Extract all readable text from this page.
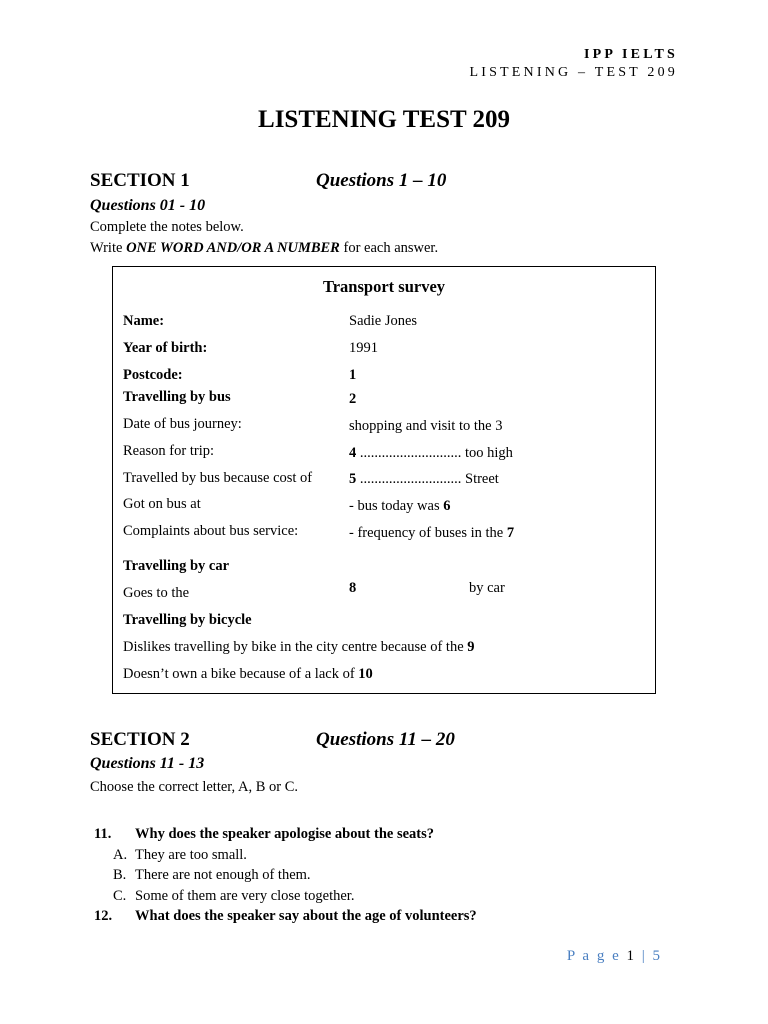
IPP IELTS
LISTENING – TEST 209
LISTENING TEST 209
SECTION 1	Questions 1 – 10
Questions 01 - 10
Complete the notes below.
Write ONE WORD AND/OR A NUMBER for each answer.
Transport survey
Name:	Sadie Jones
Year of birth:	1991
Postcode:	1
Travelling by bus	2
Date of bus journey:	shopping and visit to the 3
Reason for trip:	4 ............................ too high
Travelled by bus because cost of	5 ............................ Street
Got on bus at	- bus today was 6
Complaints about bus service:	- frequency of buses in the 7
Travelling by car
Goes to the	8	by car
Travelling by bicycle
Dislikes travelling by bike in the city centre because of the 9
Doesn’t own a bike because of a lack of 10
SECTION 2	Questions 11 – 20
Questions 11 - 13
Choose the correct letter, A, B or C.
11. Why does the speaker apologise about the seats?
A. They are too small.
B. There are not enough of them.
C. Some of them are very close together.
12. What does the speaker say about the age of volunteers?
P a g e 1 | 5
